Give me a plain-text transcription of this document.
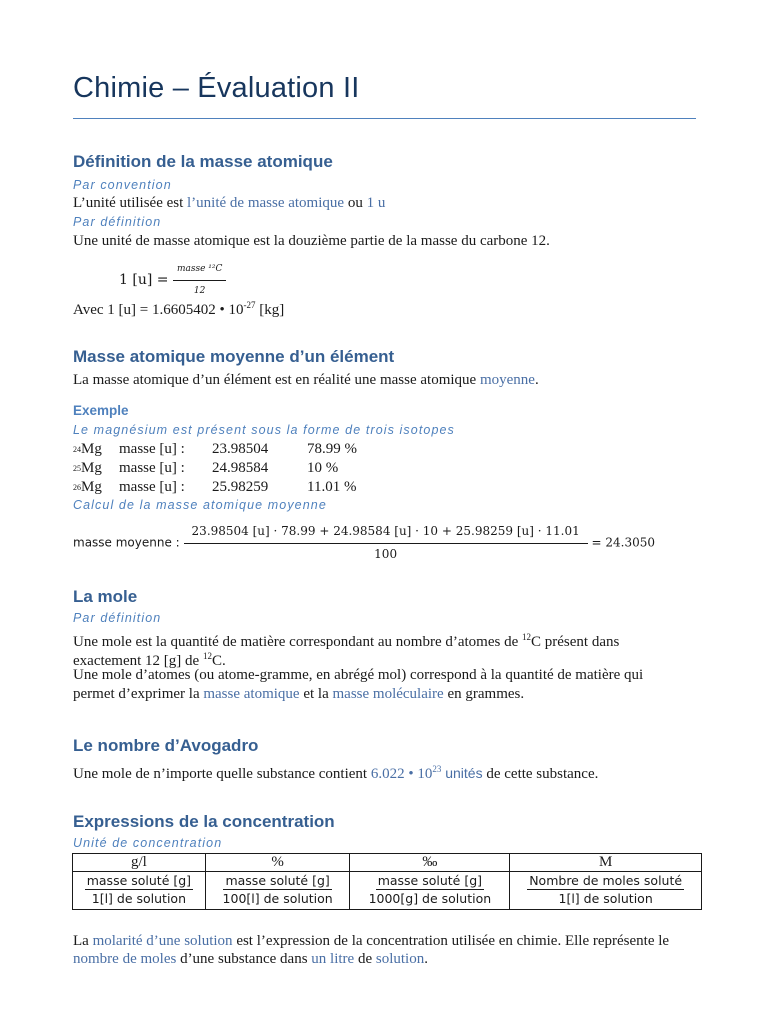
Chimie – Évaluation II
Définition de la masse atomique
Par convention
L’unité utilisée est l’unité de masse atomique ou 1 u
Par définition
Une unité de masse atomique est la douzième partie de la masse du carbone 12.
1 $[u] = \frac{\text{masse ¹²C}}{12}$
Avec 1 [u] = 1.6605402 • $10^{-27}$ [kg]
Masse atomique moyenne d’un élément
La masse atomique d’un élément est en réalité une masse atomique moyenne.
Exemple
Le magnésium est présent sous la forme de trois isotopes
$^{24}$ Mg masse [u] : 23.98504	78.99 %
$^{25}$ Mg masse [u] : 24.98584	10 %
$^{26}$ Mg masse [u] : 25.98259	11.01 %
Calcul de la masse atomique moyenne
masse moyenne :
23.98504 [u] · 78.99 + 24.98584 [u] · 10 + 25.98259 [u] · 11.01
100
= 24.3050
La mole
Par définition
Une mole est la quantité de matière correspondant au nombre d’atomes de $^{12}$C présent dans
exactement 12 [g] de $^{12}$C.
Une mole d’atomes (ou atome-gramme, en abrégé mol) correspond à la quantité de matière qui
permet d’exprimer la masse atomique et la masse moléculaire en grammes.
Le nombre d’Avogadro
Une mole de n’importe quelle substance contient 6.022 • $10^{23}$ unités de cette substance.
Expressions de la concentration
Unité de concentration
g/l	%	‰	M

$\frac{\text{masse soluté [g]}}{\text{1[l] de solution}}$	$\frac{\text{masse soluté [g]}}{\text{100[l] de solution}}$	$\frac{\text{masse soluté [g]}}{\text{1000[g] de solution}}$	$\frac{\text{Nombre de moles soluté}}{\text{1[l] de solution}}$
La molarité d’une solution est l’expression de la concentration utilisée en chimie. Elle représente le
nombre de moles d’une substance dans un litre de solution.
